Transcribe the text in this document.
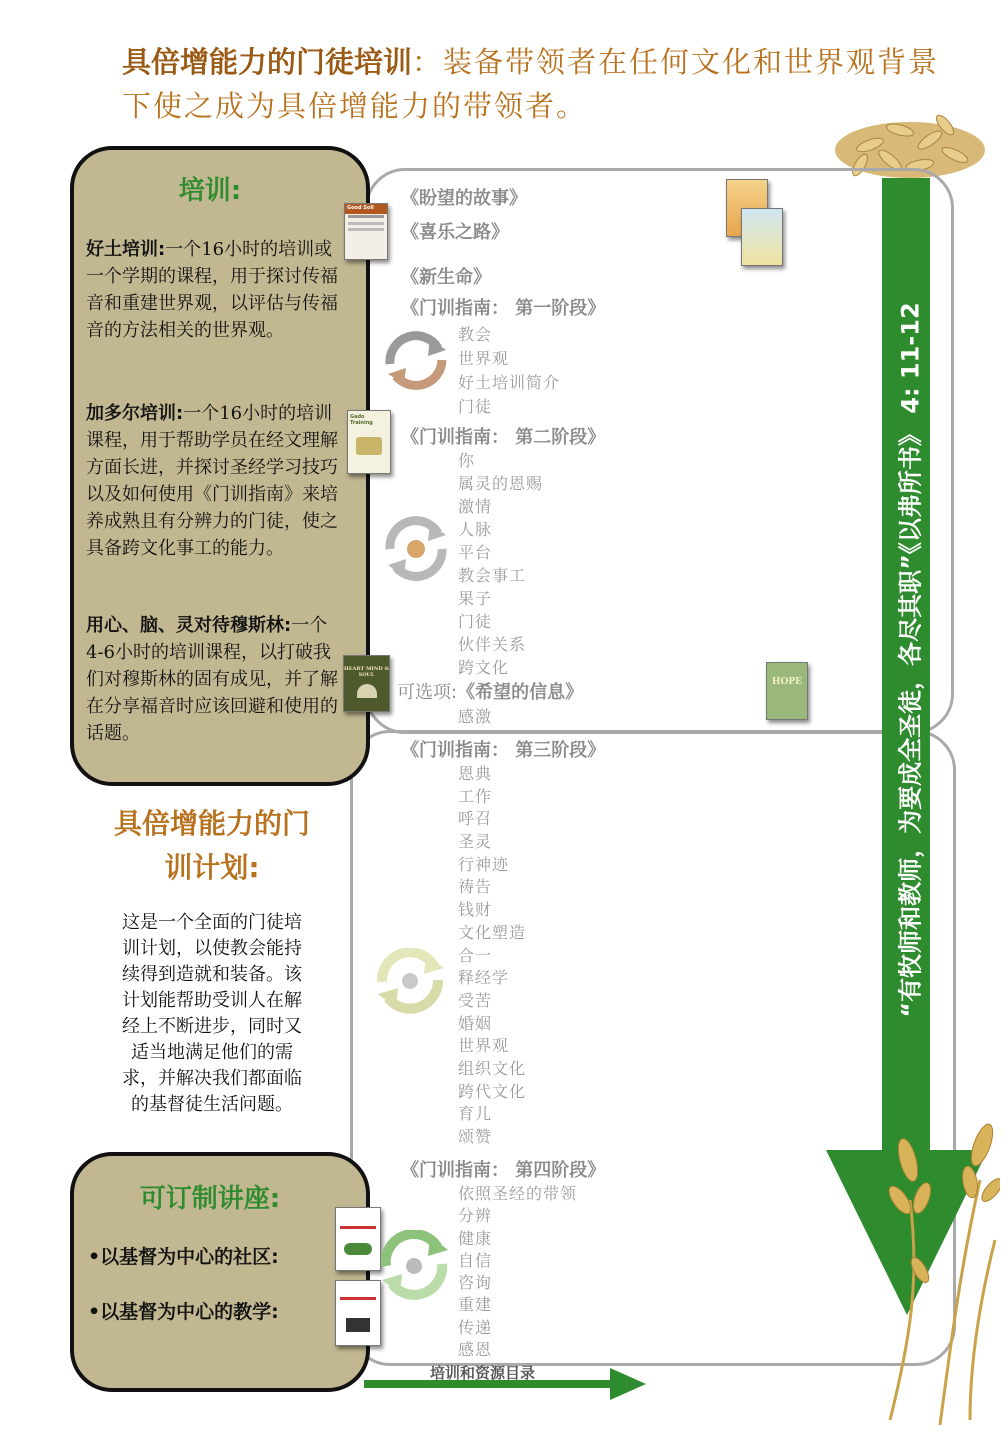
具倍增能力的门徒培训：装备带领者在任何文化和世界观背景下使之成为具倍增能力的带领者。
“有牧师和教师，为要成全圣徒，各尽其职”《以弗所书》 4: 11-12
培训:
好土培训:一个16小时的培训或一个学期的课程，用于探讨传福音和重建世界观，以评估与传福音的方法相关的世界观。
加多尔培训:一个16小时的培训课程，用于帮助学员在经文理解方面长进，并探讨圣经学习技巧以及如何使用《门训指南》来培养成熟且有分辨力的门徒，使之具备跨文化事工的能力。
用心、脑、灵对待穆斯林:一个4-6小时的培训课程，以打破我们对穆斯林的固有成见，并了解在分享福音时应该回避和使用的话题。
Good Soil
Gado Training
HEART MIND & SOUL
具倍增能力的门
训计划:
这是一个全面的门徒培
训计划，以使教会能持
续得到造就和装备。该
计划能帮助受训人在解
经上不断进步，同时又
适当地满足他们的需
求，并解决我们都面临
的基督徒生活问题。
可订制讲座:
•以基督为中心的社区:
•以基督为中心的教学:
HOPE
《盼望的故事》
《喜乐之路》
《新生命》
《门训指南： 第一阶段》
教会
世界观
好土培训简介
门徒
《门训指南： 第二阶段》
你
属灵的恩赐
激情
人脉
平台
教会事工
果子
门徒
伙伴关系
跨文化
可选项:《希望的信息》
感激
《门训指南： 第三阶段》
恩典
工作
呼召
圣灵
行神迹
祷告
钱财
文化塑造
合一
释经学
受苦
婚姻
世界观
组织文化
跨代文化
育儿
颂赞
《门训指南： 第四阶段》
依照圣经的带领
分辨
健康
自信
咨询
重建
传递
感恩
培训和资源目录
